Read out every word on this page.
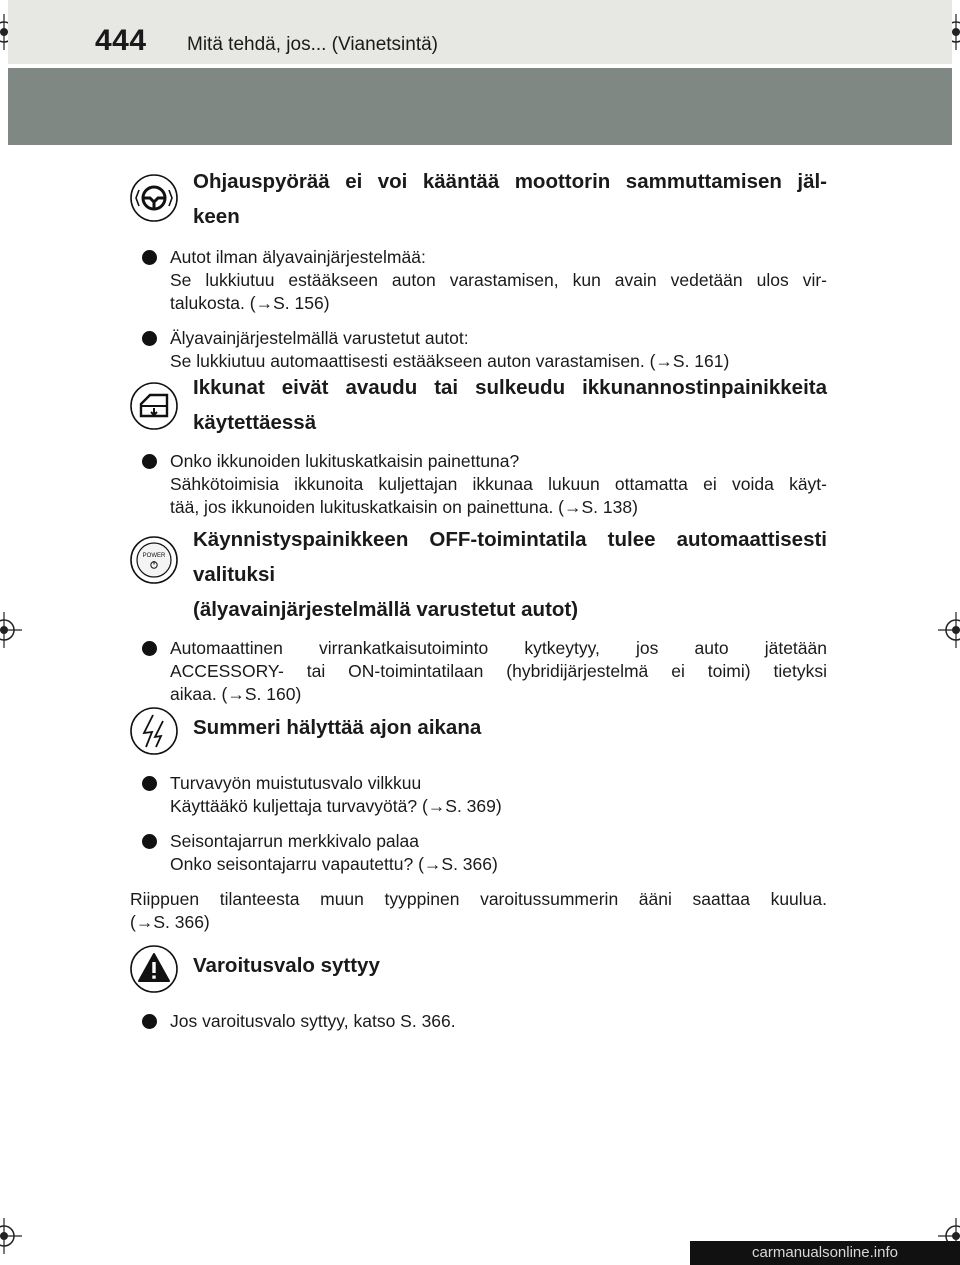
444 Mitä tehdä, jos... (Vianetsintä)
Ohjauspyörää ei voi kääntää moottorin sammuttamisen jäl-
keen
Autot ilman älyavainjärjestelmää:
Se lukkiutuu estääkseen auton varastamisen, kun avain vedetään ulos vir-
talukosta. (→S. 156)
Älyavainjärjestelmällä varustetut autot:
Se lukkiutuu automaattisesti estääkseen auton varastamisen. (→S. 161)
Ikkunat eivät avaudu tai sulkeudu ikkunannostinpainikkeita
käytettäessä
Onko ikkunoiden lukituskatkaisin painettuna?
Sähkötoimisia ikkunoita kuljettajan ikkunaa lukuun ottamatta ei voida käyt-
tää, jos ikkunoiden lukituskatkaisin on painettuna. (→S. 138)
POWER
Käynnistyspainikkeen OFF-toimintatila tulee automaattisesti
valituksi
(älyavainjärjestelmällä varustetut autot)
Automaattinen virrankatkaisutoiminto kytkeytyy, jos auto jätetään
ACCESSORY- tai ON-toimintatilaan (hybridijärjestelmä ei toimi) tietyksi
aikaa. (→S. 160)
Summeri hälyttää ajon aikana
Turvavyön muistutusvalo vilkkuu
Käyttääkö kuljettaja turvavyötä? (→S. 369)
Seisontajarrun merkkivalo palaa
Onko seisontajarru vapautettu? (→S. 366)
Riippuen tilanteesta muun tyyppinen varoitussummerin ääni saattaa kuulua.
(→S. 366)
Varoitusvalo syttyy
Jos varoitusvalo syttyy, katso S. 366.
carmanualsonline.info
